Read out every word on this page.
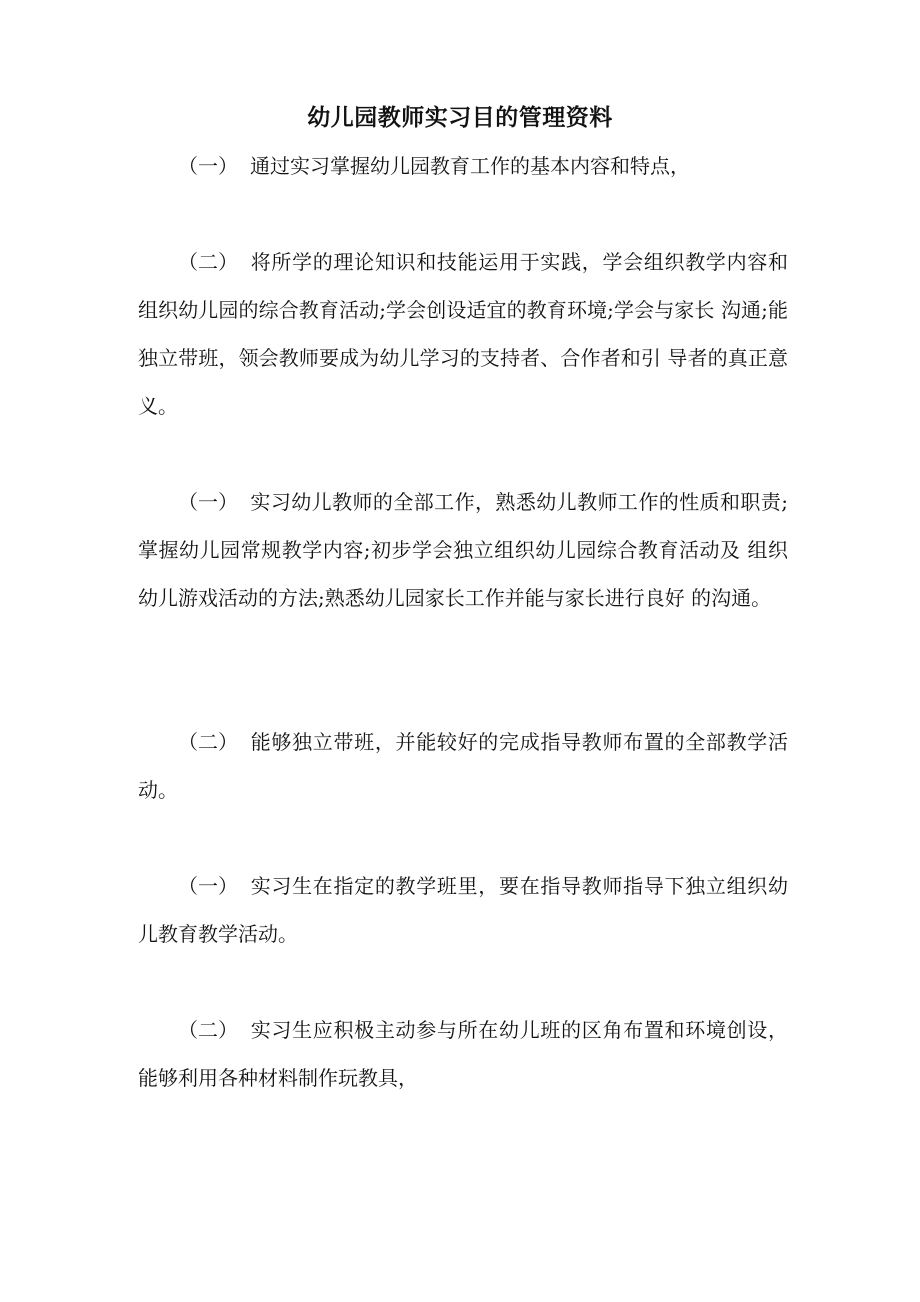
幼儿园教师实习目的管理资料
（一） 通过实习掌握幼儿园教育工作的基本内容和特点，
（二） 将所学的理论知识和技能运用于实践，学会组织教学内容和 组织幼儿园的综合教育活动;学会创设适宜的教育环境;学会与家长 沟通;能独立带班，领会教师要成为幼儿学习的支持者、合作者和引 导者的真正意义。
（一） 实习幼儿教师的全部工作，熟悉幼儿教师工作的性质和职责; 掌握幼儿园常规教学内容;初步学会独立组织幼儿园综合教育活动及 组织幼儿游戏活动的方法;熟悉幼儿园家长工作并能与家长进行良好 的沟通。
（二） 能够独立带班，并能较好的完成指导教师布置的全部教学活 动。
（一） 实习生在指定的教学班里，要在指导教师指导下独立组织幼 儿教育教学活动。
（二） 实习生应积极主动参与所在幼儿班的区角布置和环境创设， 能够利用各种材料制作玩教具，
